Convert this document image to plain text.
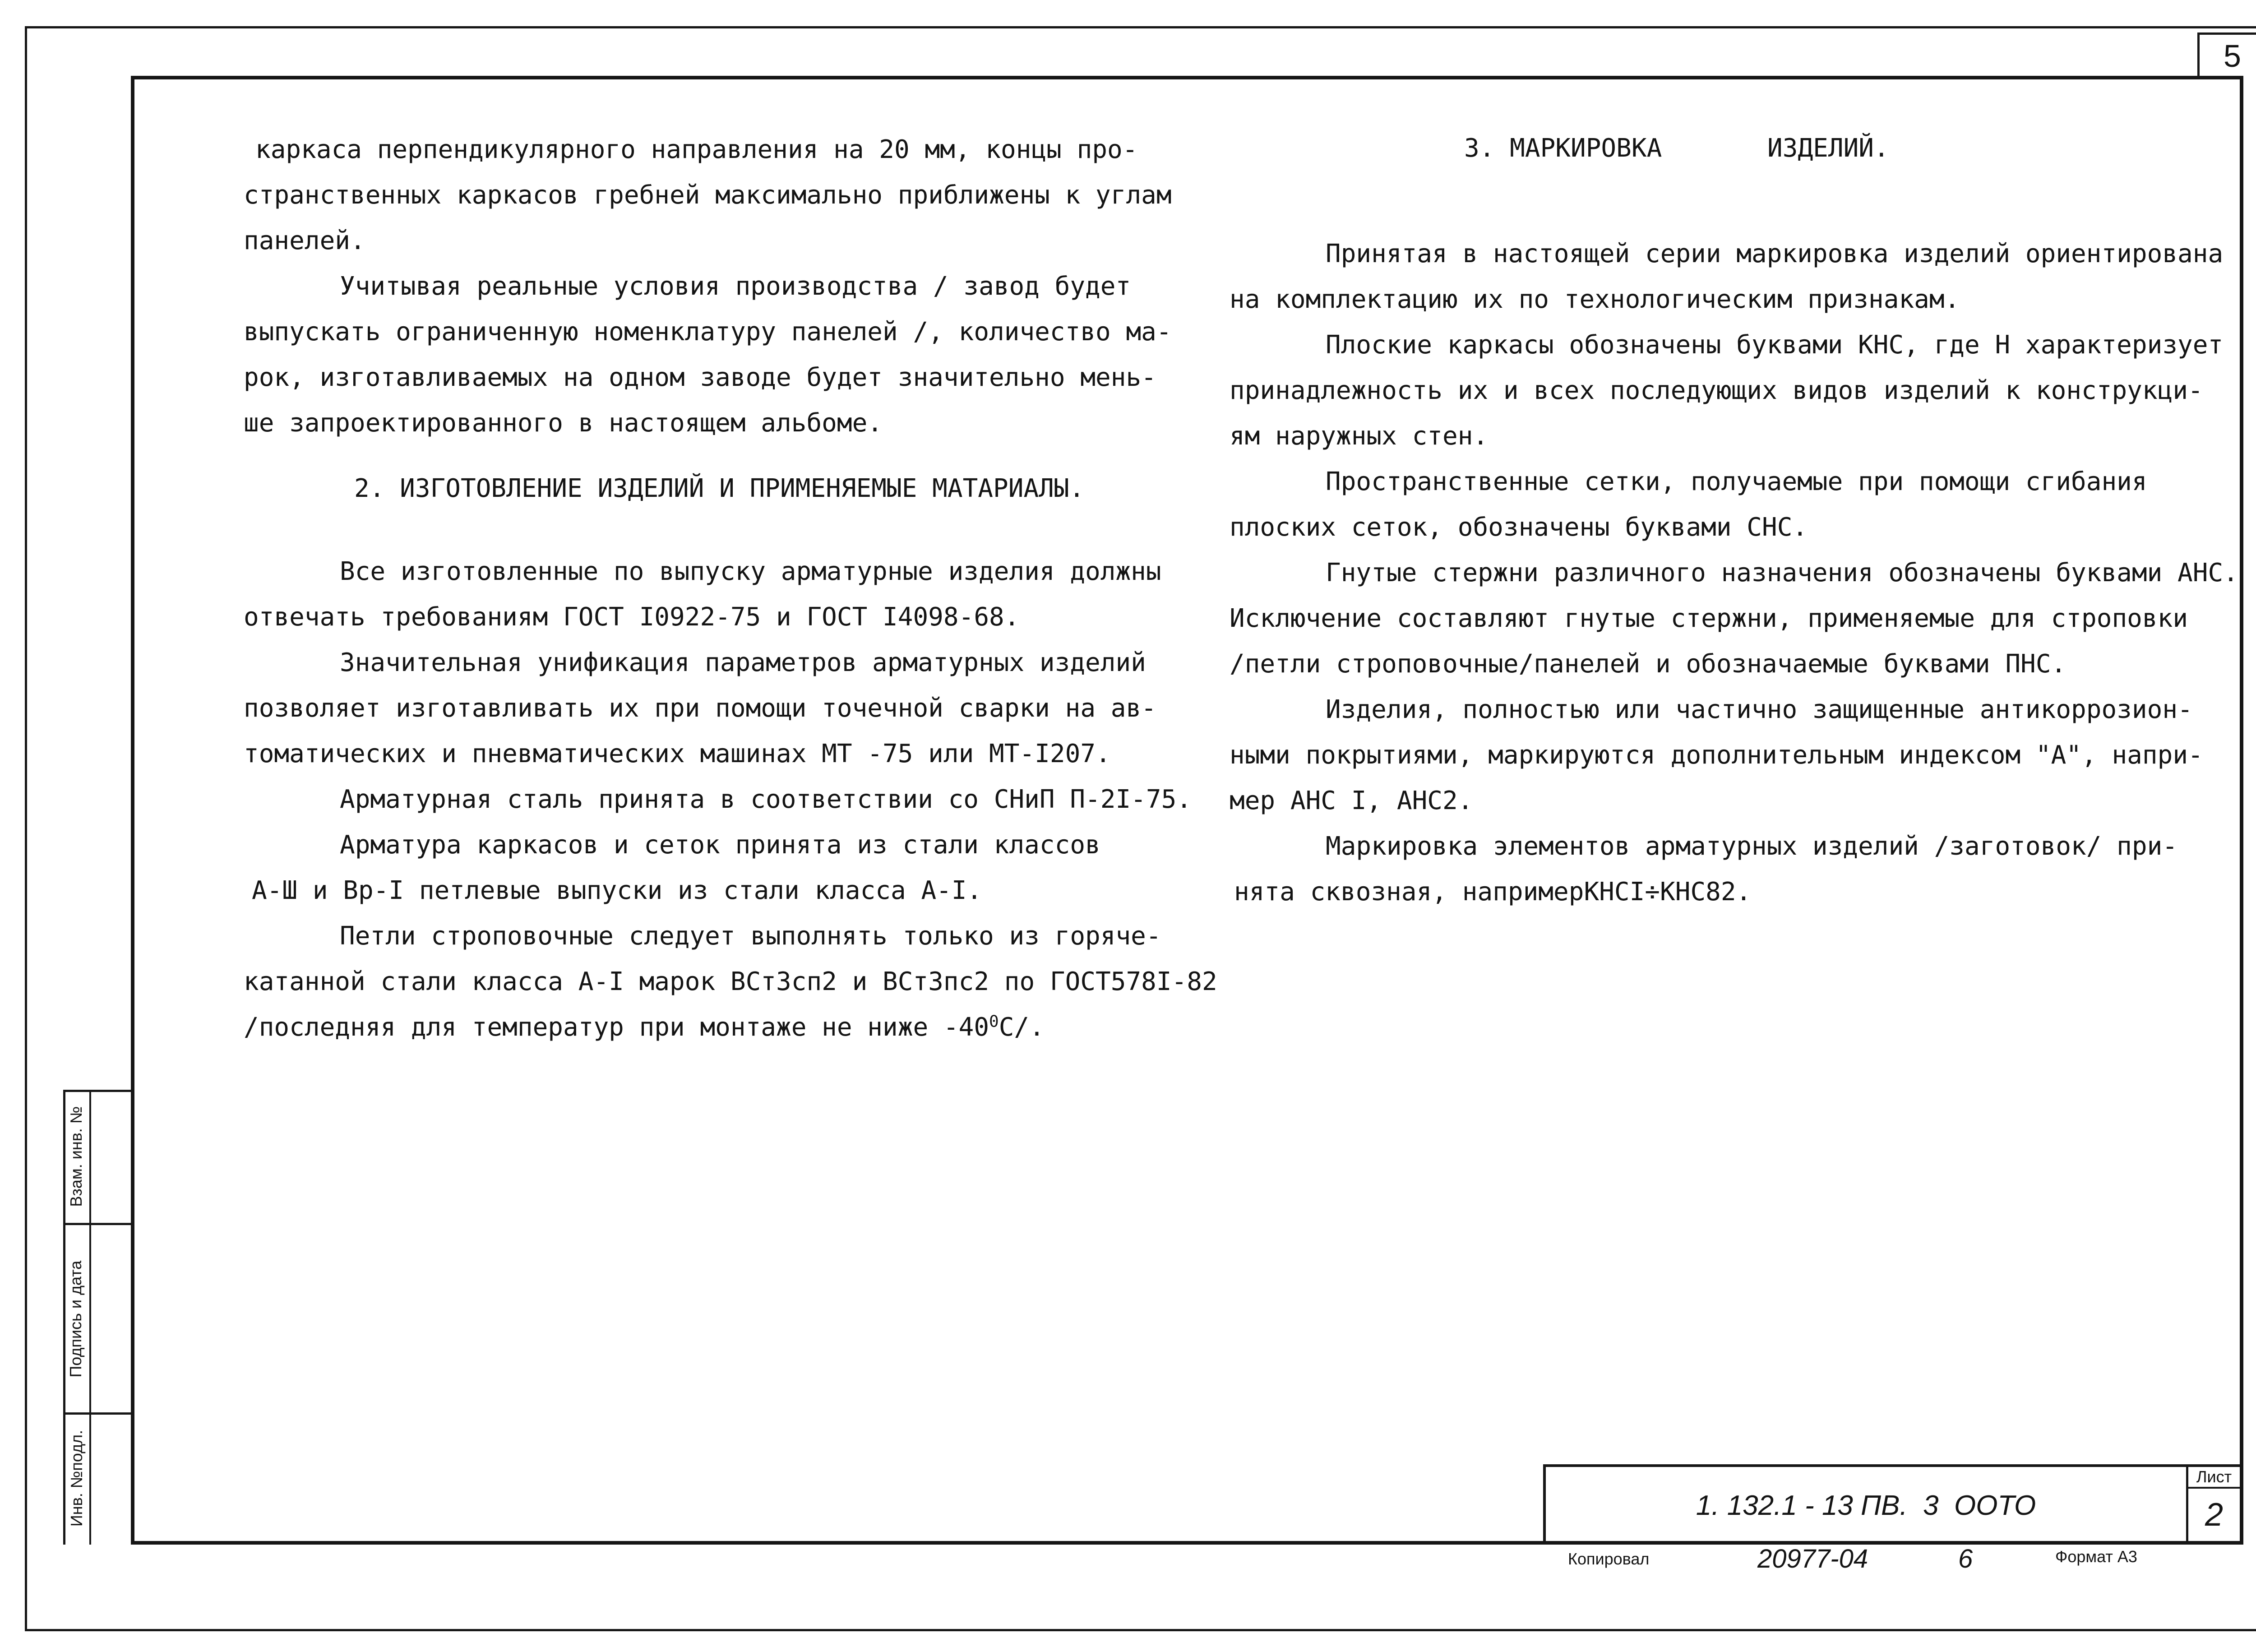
5

каркаса перпендикулярного направления на 20 мм, концы про-

странственных каркасов гребней максимально приближены к углам

панелей.

Учитывая реальные условия производства / завод будет

выпускать ограниченную номенклатуру панелей /, количество ма-

рок, изготавливаемых на одном заводе будет значительно мень-

ше запроектированного в настоящем альбоме.

2. ИЗГОТОВЛЕНИЕ ИЗДЕЛИЙ И ПРИМЕНЯЕМЫЕ МАТАРИАЛЫ.

Все изготовленные по выпуску арматурные изделия должны

отвечать требованиям ГОСТ I0922-75 и ГОСТ I4098-68.

Значительная унификация параметров арматурных изделий

позволяет изготавливать их при помощи точечной сварки на ав-

томатических и пневматических машинах МТ -75 или МТ-I207.

Арматурная сталь принята в соответствии со СНиП П-2I-75.

Арматура каркасов и сеток принята из стали классов

А-Ш и Вр-I петлевые выпуски из стали класса А-I.

Петли строповочные следует выполнять только из горяче-

катанной стали класса А-I марок ВСт3сп2 и ВСт3пс2 по ГОСТ578I-82

/последняя для температур при монтаже не ниже $-40^0С/$.

3. МАРКИРОВКА	ИЗДЕЛИЙ.

Принятая в настоящей серии маркировка изделий ориентирована

на комплектацию их по технологическим признакам.

Плоские каркасы обозначены буквами КНС, где Н характеризует

принадлежность их и всех последующих видов изделий к конструкци-

ям наружных стен.

Пространственные сетки, получаемые при помощи сгибания

плоских сеток, обозначены буквами СНС.

Гнутые стержни различного назначения обозначены буквами АНС.

Исключение составляют гнутые стержни, применяемые для строповки

/петли строповочные/панелей и обозначаемые буквами ПНС.

Изделия, полностью или частично защищенные антикоррозион-

ными покрытиями, маркируются дополнительным индексом "А", напри-

мер АНС I, АНС2.

Маркировка элементов арматурных изделий /заготовок/ при-

нята сквозная, напримерКНСI÷КНС82.

1. 132.1 - 13 ПВ.  3  ООТО
Лист
2
Копировал	20977-04	6	Формат А3
Взам. инв. №
Подпись и дата
Инв. №подл.
